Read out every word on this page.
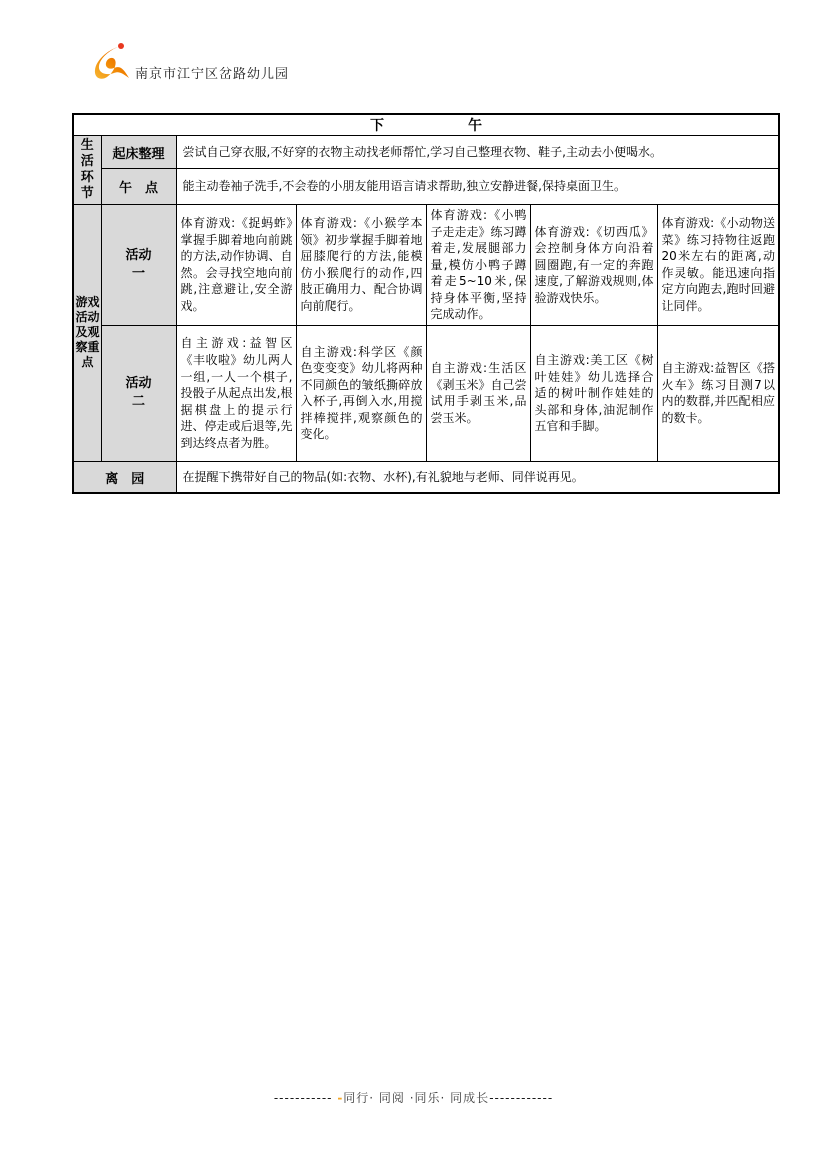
南京市江宁区岔路幼儿园
下　　　　　　午						

生活环节	起床整理	尝试自己穿衣服,不好穿的衣物主动找老师帮忙,学习自己整理衣物、鞋子,主动去小便喝水。				
	午　点	能主动卷袖子洗手,不会卷的小朋友能用语言请求帮助,独立安静进餐,保持桌面卫生。				

游戏活动及观察重点	活动一	体育游戏:《捉蚂蚱》掌握手脚着地向前跳的方法,动作协调、自然。会寻找空地向前跳,注意避让,安全游戏。	体育游戏:《小猴学本领》初步掌握手脚着地屈膝爬行的方法,能模仿小猴爬行的动作,四肢正确用力、配合协调向前爬行。	体育游戏:《小鸭子走走走》练习蹲着走,发展腿部力量,模仿小鸭子蹲着走5~10米,保持身体平衡,坚持完成动作。	体育游戏:《切西瓜》会控制身体方向沿着圆圈跑,有一定的奔跑速度,了解游戏规则,体验游戏快乐。	体育游戏:《小动物送菜》练习持物往返跑20米左右的距离,动作灵敏。能迅速向指定方向跑去,跑时回避让同伴。

	活动二	自主游戏:益智区《丰收啦》幼儿两人一组,一人一个棋子,投骰子从起点出发,根据棋盘上的提示行进、停走或后退等,先到达终点者为胜。	自主游戏:科学区《颜色变变变》幼儿将两种不同颜色的皱纸撕碎放入杯子,再倒入水,用搅拌棒搅拌,观察颜色的变化。	自主游戏:生活区《剥玉米》自己尝试用手剥玉米,品尝玉米。	自主游戏:美工区《树叶娃娃》幼儿选择合适的树叶制作娃娃的头部和身体,油泥制作五官和手脚。	自主游戏:益智区《搭火车》练习目测7以内的数群,并匹配相应的数卡。
离　园		在提醒下携带好自己的物品(如:衣物、水杯),有礼貌地与老师、同伴说再见。				
----------- -同行· 同阅 ·同乐· 同成长------------
